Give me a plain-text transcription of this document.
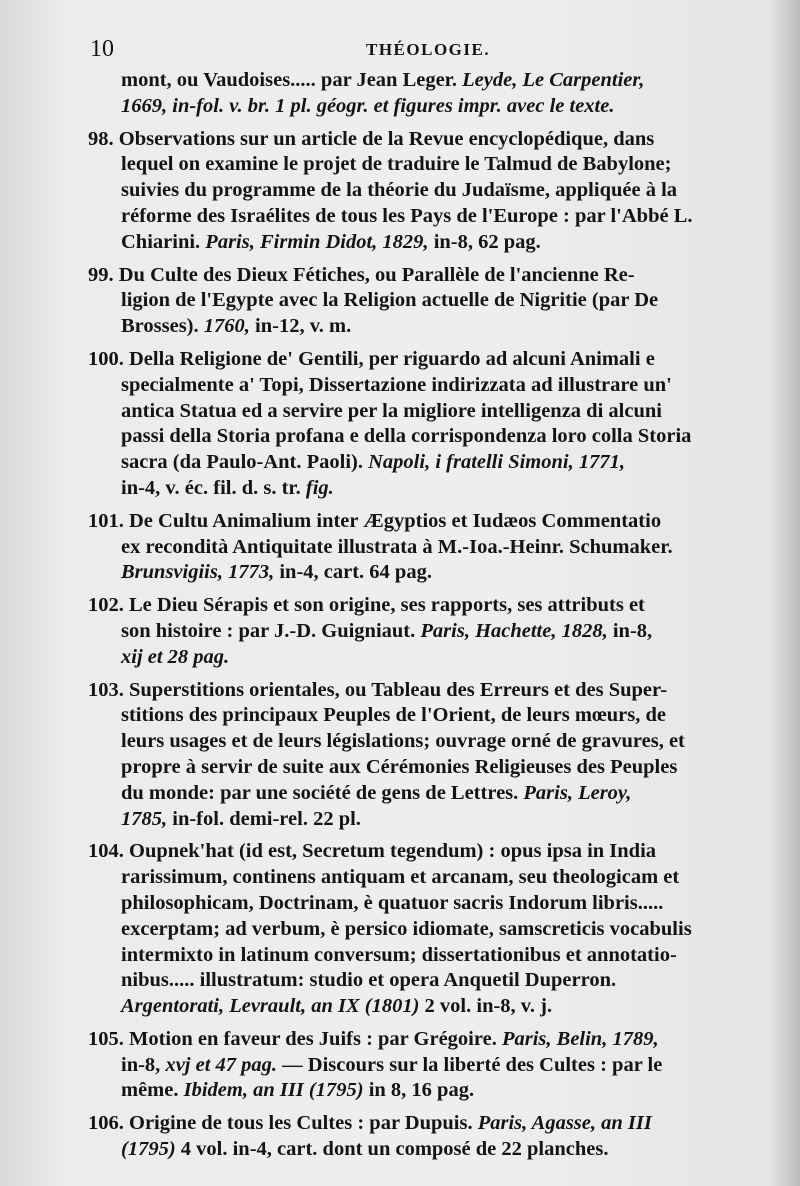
10	THÉOLOGIE.
mont, ou Vaudoises..... par Jean Leger. Leyde, Le Carpentier,
1669, in-fol. v. br. 1 pl. géogr. et figures impr. avec le texte.
98. Observations sur un article de la Revue encyclopédique, dans
lequel on examine le projet de traduire le Talmud de Babylone;
suivies du programme de la théorie du Judaïsme, appliquée à la
réforme des Israélites de tous les Pays de l'Europe : par l'Abbé L.
Chiarini. Paris, Firmin Didot, 1829, in-8, 62 pag.
99. Du Culte des Dieux Fétiches, ou Parallèle de l'ancienne Re-
ligion de l'Egypte avec la Religion actuelle de Nigritie (par De
Brosses). 1760, in-12, v. m.
100. Della Religione de' Gentili, per riguardo ad alcuni Animali e
specialmente a' Topi, Dissertazione indirizzata ad illustrare un'
antica Statua ed a servire per la migliore intelligenza di alcuni
passi della Storia profana e della corrispondenza loro colla Storia
sacra (da Paulo-Ant. Paoli). Napoli, i fratelli Simoni, 1771,
in-4, v. éc. fil. d. s. tr. fig.
101. De Cultu Animalium inter Ægyptios et Iudæos Commentatio
ex recondità Antiquitate illustrata à M.-Ioa.-Heinr. Schumaker.
Brunsvigiis, 1773, in-4, cart. 64 pag.
102. Le Dieu Sérapis et son origine, ses rapports, ses attributs et
son histoire : par J.-D. Guigniaut. Paris, Hachette, 1828, in-8,
xij et 28 pag.
103. Superstitions orientales, ou Tableau des Erreurs et des Super-
stitions des principaux Peuples de l'Orient, de leurs mœurs, de
leurs usages et de leurs législations; ouvrage orné de gravures, et
propre à servir de suite aux Cérémonies Religieuses des Peuples
du monde: par une société de gens de Lettres. Paris, Leroy,
1785, in-fol. demi-rel. 22 pl.
104. Oupnek'hat (id est, Secretum tegendum) : opus ipsa in India
rarissimum, continens antiquam et arcanam, seu theologicam et
philosophicam, Doctrinam, è quatuor sacris Indorum libris.....
excerptam; ad verbum, è persico idiomate, samscreticis vocabulis
intermixto in latinum conversum; dissertationibus et annotatio-
nibus..... illustratum: studio et opera Anquetil Duperron.
Argentorati, Levrault, an IX (1801) 2 vol. in-8, v. j.
105. Motion en faveur des Juifs : par Grégoire. Paris, Belin, 1789,
in-8, xvj et 47 pag. — Discours sur la liberté des Cultes : par le
même. Ibidem, an III (1795) in 8, 16 pag.
106. Origine de tous les Cultes : par Dupuis. Paris, Agasse, an III
(1795) 4 vol. in-4, cart. dont un composé de 22 planches.
